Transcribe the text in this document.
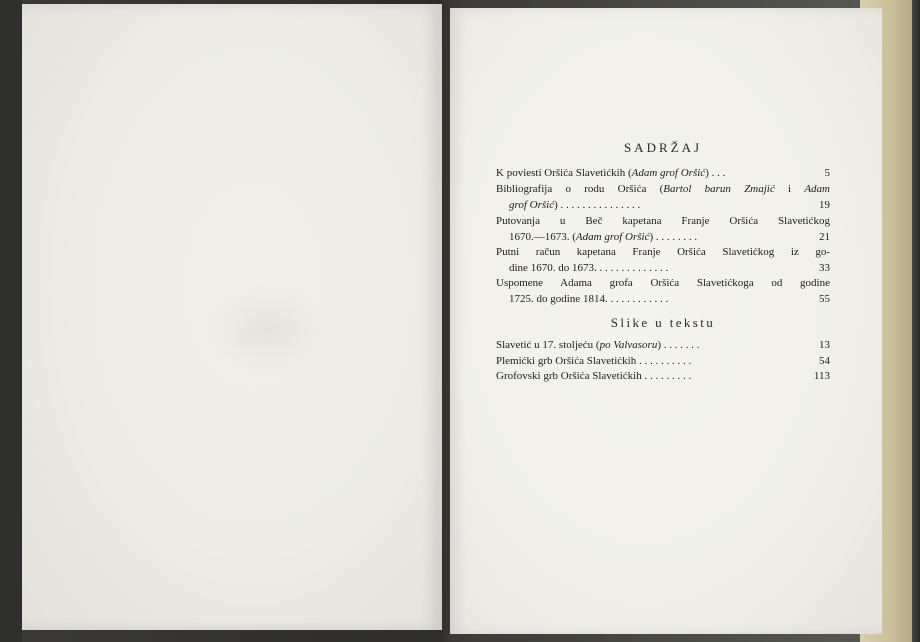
SADRŽAJ
K poviesti Oršića Slavetićkih (Adam grof Oršić) . . .	5
Bibliografija o rodu Oršića (Bartol barun Zmajić i Adam
grof Oršić) . . . . . . . . . . . . . . .	19
Putovanja u Beč kapetana Franje Oršića Slavetićkog
1670.—1673. (Adam grof Oršić) . . . . . . . .	21
Putni račun kapetana Franje Oršića Slavetićkog iz go-
dine 1670. do 1673. . . . . . . . . . . . . .	33
Uspomene Adama grofa Oršića Slavetićkoga od godine
1725. do godine 1814. . . . . . . . . . . .	55
Slike u tekstu
Slavetić u 17. stoljeću (po Valvasoru) . . . . . . .	13
Plemićki grb Oršića Slavetićkih . . . . . . . . . .	54
Grofovski grb Oršića Slavetićkih . . . . . . . . .	113
